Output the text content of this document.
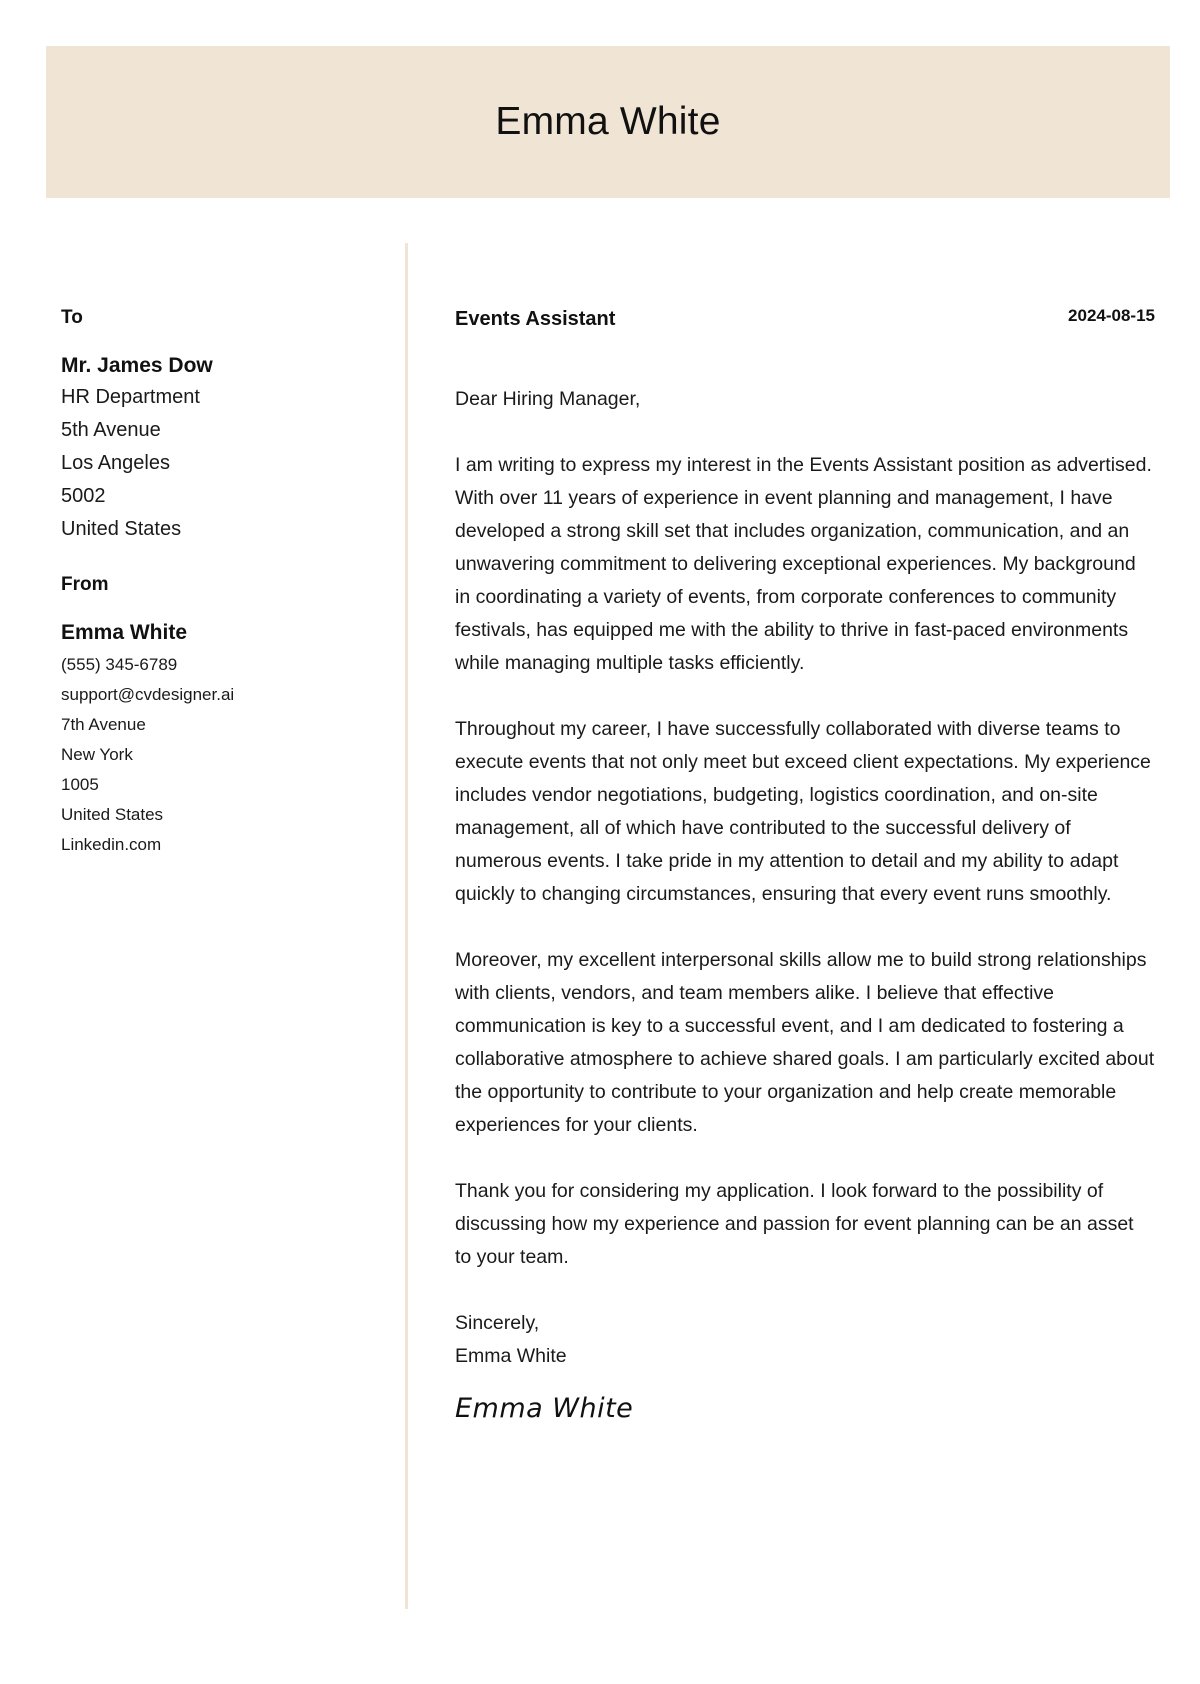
Emma White
To
Mr. James Dow
HR Department
5th Avenue
Los Angeles
5002
United States
From
Emma White
(555) 345-6789
support@cvdesigner.ai
7th Avenue
New York
1005
United States
Linkedin.com
Events Assistant	2024-08-15

Dear Hiring Manager,

I am writing to express my interest in the Events Assistant position as advertised. With over 11 years of experience in event planning and management, I have developed a strong skill set that includes organization, communication, and an unwavering commitment to delivering exceptional experiences. My background in coordinating a variety of events, from corporate conferences to community festivals, has equipped me with the ability to thrive in fast-paced environments while managing multiple tasks efficiently.

Throughout my career, I have successfully collaborated with diverse teams to execute events that not only meet but exceed client expectations. My experience includes vendor negotiations, budgeting, logistics coordination, and on-site management, all of which have contributed to the successful delivery of numerous events. I take pride in my attention to detail and my ability to adapt quickly to changing circumstances, ensuring that every event runs smoothly.

Moreover, my excellent interpersonal skills allow me to build strong relationships with clients, vendors, and team members alike. I believe that effective communication is key to a successful event, and I am dedicated to fostering a collaborative atmosphere to achieve shared goals. I am particularly excited about the opportunity to contribute to your organization and help create memorable experiences for your clients.

Thank you for considering my application. I look forward to the possibility of discussing how my experience and passion for event planning can be an asset to your team.

Sincerely,
Emma White
Emma White
